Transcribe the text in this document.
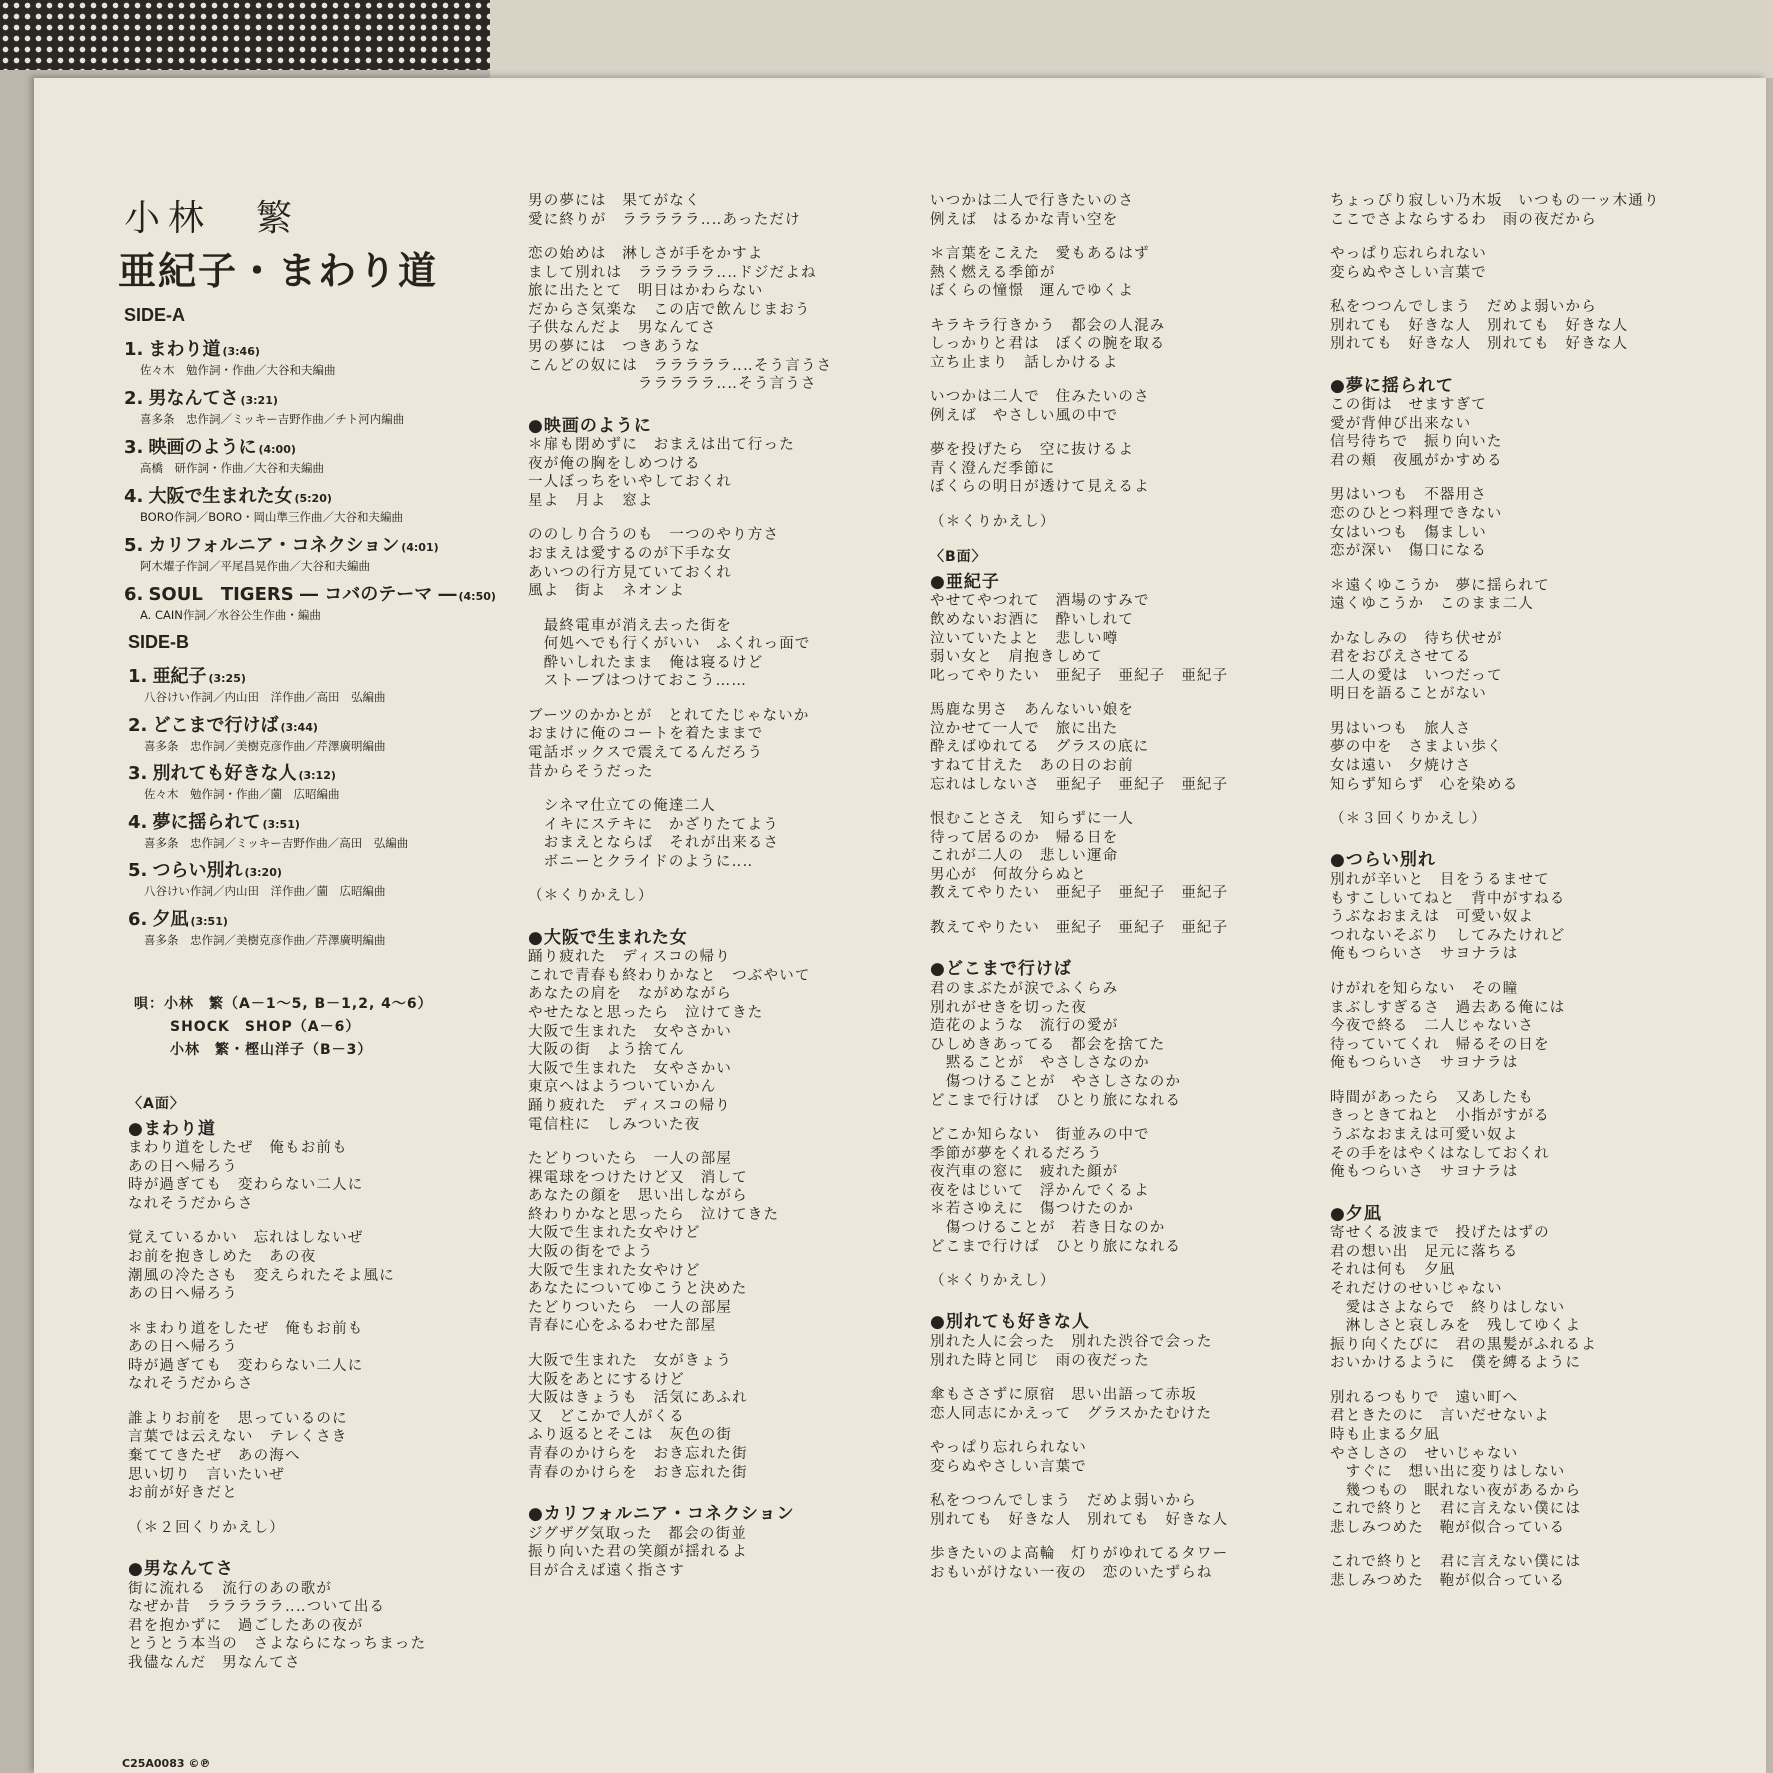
小林　繁
亜紀子・まわり道
SIDE-A
1. まわり道 (3:46)
佐々木　勉作詞・作曲／大谷和夫編曲
2. 男なんてさ (3:21)
喜多条　忠作詞／ミッキー吉野作曲／チト河内編曲
3. 映画のように (4:00)
高橋　研作詞・作曲／大谷和夫編曲
4. 大阪で生まれた女 (5:20)
BORO作詞／BORO・岡山準三作曲／大谷和夫編曲
5. カリフォルニア・コネクション (4:01)
阿木燿子作詞／平尾昌晃作曲／大谷和夫編曲
6. SOUL　TIGERS ― コバのテーマ ― (4:50)
A. CAIN作詞／水谷公生作曲・編曲
SIDE-B
1. 亜紀子 (3:25)
八谷けい作詞／内山田　洋作曲／高田　弘編曲
2. どこまで行けば (3:44)
喜多条　忠作詞／美樹克彦作曲／芹澤廣明編曲
3. 別れても好きな人 (3:12)
佐々木　勉作詞・作曲／薗　広昭編曲
4. 夢に揺られて (3:51)
喜多条　忠作詞／ミッキー吉野作曲／高田　弘編曲
5. つらい別れ (3:20)
八谷けい作詞／内山田　洋作曲／薗　広昭編曲
6. 夕凪 (3:51)
喜多条　忠作詞／美樹克彦作曲／芹澤廣明編曲
唄：小林　繁（A－1～5, B－1,2, 4～6）
SHOCK　SHOP（A－6）
小林　繁・樫山洋子（B－3）
〈A面〉
●まわり道
まわり道をしたぜ　俺もお前も
あの日へ帰ろう
時が過ぎても　変わらない二人に
なれそうだからさ
覚えているかい　忘れはしないぜ
お前を抱きしめた　あの夜
潮風の冷たさも　変えられたそよ風に
あの日へ帰ろう
＊まわり道をしたぜ　俺もお前も
あの日へ帰ろう
時が過ぎても　変わらない二人に
なれそうだからさ
誰よりお前を　思っているのに
言葉では云えない　テレくさき
棄ててきたぜ　あの海へ
思い切り　言いたいぜ
お前が好きだと
（＊２回くりかえし）
●男なんてさ
街に流れる　流行のあの歌が
なぜか昔　ラララララ‥‥ついて出る
君を抱かずに　過ごしたあの夜が
とうとう本当の　さよならになっちまった
我儘なんだ　男なんてさ
男の夢には　果てがなく
愛に終りが　ラララララ‥‥あっただけ
恋の始めは　淋しさが手をかすよ
まして別れは　ラララララ‥‥ドジだよね
旅に出たとて　明日はかわらない
だからさ気楽な　この店で飲んじまおう
子供なんだよ　男なんてさ
男の夢には　つきあうな
こんどの奴には　ラララララ‥‥そう言うさ
　　　　　　　ラララララ‥‥そう言うさ
●映画のように
＊扉も閉めずに　おまえは出て行った
夜が俺の胸をしめつける
一人ぼっちをいやしておくれ
星よ　月よ　窓よ
ののしり合うのも　一つのやり方さ
おまえは愛するのが下手な女
あいつの行方見ていておくれ
風よ　街よ　ネオンよ
　最終電車が消え去った街を
　何処へでも行くがいい　ふくれっ面で
　酔いしれたまま　俺は寝るけど
　ストーブはつけておこう……
ブーツのかかとが　とれてたじゃないか
おまけに俺のコートを着たままで
電話ボックスで震えてるんだろう
昔からそうだった
　シネマ仕立ての俺達二人
　イキにステキに　かざりたてよう
　おまえとならば　それが出来るさ
　ボニーとクライドのように‥‥
（＊くりかえし）
●大阪で生まれた女
踊り疲れた　ディスコの帰り
これで青春も終わりかなと　つぶやいて
あなたの肩を　ながめながら
やせたなと思ったら　泣けてきた
大阪で生まれた　女やさかい
大阪の街　よう捨てん
大阪で生まれた　女やさかい
東京へはようついていかん
踊り疲れた　ディスコの帰り
電信柱に　しみついた夜
たどりついたら　一人の部屋
裸電球をつけたけど又　消して
あなたの顔を　思い出しながら
終わりかなと思ったら　泣けてきた
大阪で生まれた女やけど
大阪の街をでよう
大阪で生まれた女やけど
あなたについてゆこうと決めた
たどりついたら　一人の部屋
青春に心をふるわせた部屋
大阪で生まれた　女がきょう
大阪をあとにするけど
大阪はきょうも　活気にあふれ
又　どこかで人がくる
ふり返るとそこは　灰色の街
青春のかけらを　おき忘れた街
青春のかけらを　おき忘れた街
●カリフォルニア・コネクション
ジグザグ気取った　都会の街並
振り向いた君の笑顔が揺れるよ
目が合えば遠く指さす
いつかは二人で行きたいのさ
例えば　はるかな青い空を
＊言葉をこえた　愛もあるはず
熱く燃える季節が
ぼくらの憧憬　運んでゆくよ
キラキラ行きかう　都会の人混み
しっかりと君は　ぼくの腕を取る
立ち止まり　話しかけるよ
いつかは二人で　住みたいのさ
例えば　やさしい風の中で
夢を投げたら　空に抜けるよ
青く澄んだ季節に
ぼくらの明日が透けて見えるよ
（＊くりかえし）
〈B面〉
●亜紀子
やせてやつれて　酒場のすみで
飲めないお酒に　酔いしれて
泣いていたよと　悲しい噂
弱い女と　肩抱きしめて
叱ってやりたい　亜紀子　亜紀子　亜紀子
馬鹿な男さ　あんないい娘を
泣かせて一人で　旅に出た
酔えばゆれてる　グラスの底に
すねて甘えた　あの日のお前
忘れはしないさ　亜紀子　亜紀子　亜紀子
恨むことさえ　知らずに一人
待って居るのか　帰る日を
これが二人の　悲しい運命
男心が　何故分らぬと
教えてやりたい　亜紀子　亜紀子　亜紀子
教えてやりたい　亜紀子　亜紀子　亜紀子
●どこまで行けば
君のまぶたが涙でふくらみ
別れがせきを切った夜
造花のような　流行の愛が
ひしめきあってる　都会を捨てた
　黙ることが　やさしさなのか
　傷つけることが　やさしさなのか
どこまで行けば　ひとり旅になれる
どこか知らない　街並みの中で
季節が夢をくれるだろう
夜汽車の窓に　疲れた顔が
夜をはじいて　浮かんでくるよ
＊若さゆえに　傷つけたのか
　傷つけることが　若き日なのか
どこまで行けば　ひとり旅になれる
（＊くりかえし）
●別れても好きな人
別れた人に会った　別れた渋谷で会った
別れた時と同じ　雨の夜だった
傘もささずに原宿　思い出語って赤坂
恋人同志にかえって　グラスかたむけた
やっぱり忘れられない
変らぬやさしい言葉で
私をつつんでしまう　だめよ弱いから
別れても　好きな人　別れても　好きな人
歩きたいのよ高輪　灯りがゆれてるタワー
おもいがけない一夜の　恋のいたずらね
ちょっぴり寂しい乃木坂　いつもの一ッ木通り
ここでさよならするわ　雨の夜だから
やっぱり忘れられない
変らぬやさしい言葉で
私をつつんでしまう　だめよ弱いから
別れても　好きな人　別れても　好きな人
別れても　好きな人　別れても　好きな人
●夢に揺られて
この街は　せますぎて
愛が背伸び出来ない
信号待ちで　振り向いた
君の頬　夜風がかすめる
男はいつも　不器用さ
恋のひとつ料理できない
女はいつも　傷ましい
恋が深い　傷口になる
＊遠くゆこうか　夢に揺られて
遠くゆこうか　このまま二人
かなしみの　待ち伏せが
君をおびえさせてる
二人の愛は　いつだって
明日を語ることがない
男はいつも　旅人さ
夢の中を　さまよい歩く
女は遠い　夕焼けさ
知らず知らず　心を染める
（＊３回くりかえし）
●つらい別れ
別れが辛いと　目をうるませて
もすこしいてねと　背中がすねる
うぶなおまえは　可愛い奴よ
つれないそぶり　してみたけれど
俺もつらいさ　サヨナラは
けがれを知らない　その瞳
まぶしすぎるさ　過去ある俺には
今夜で終る　二人じゃないさ
待っていてくれ　帰るその日を
俺もつらいさ　サヨナラは
時間があったら　又あしたも
きっときてねと　小指がすがる
うぶなおまえは可愛い奴よ
その手をはやくはなしておくれ
俺もつらいさ　サヨナラは
●夕凪
寄せくる波まで　投げたはずの
君の想い出　足元に落ちる
それは何も　夕凪
それだけのせいじゃない
　愛はさよならで　終りはしない
　淋しさと哀しみを　残してゆくよ
振り向くたびに　君の黒髪がふれるよ
おいかけるように　僕を縛るように
別れるつもりで　遠い町へ
君ときたのに　言いだせないよ
時も止まる夕凪
やさしさの　せいじゃない
　すぐに　想い出に変りはしない
　幾つもの　眠れない夜があるから
これで終りと　君に言えない僕には
悲しみつめた　鞄が似合っている
これで終りと　君に言えない僕には
悲しみつめた　鞄が似合っている
C25A0083 ©℗
